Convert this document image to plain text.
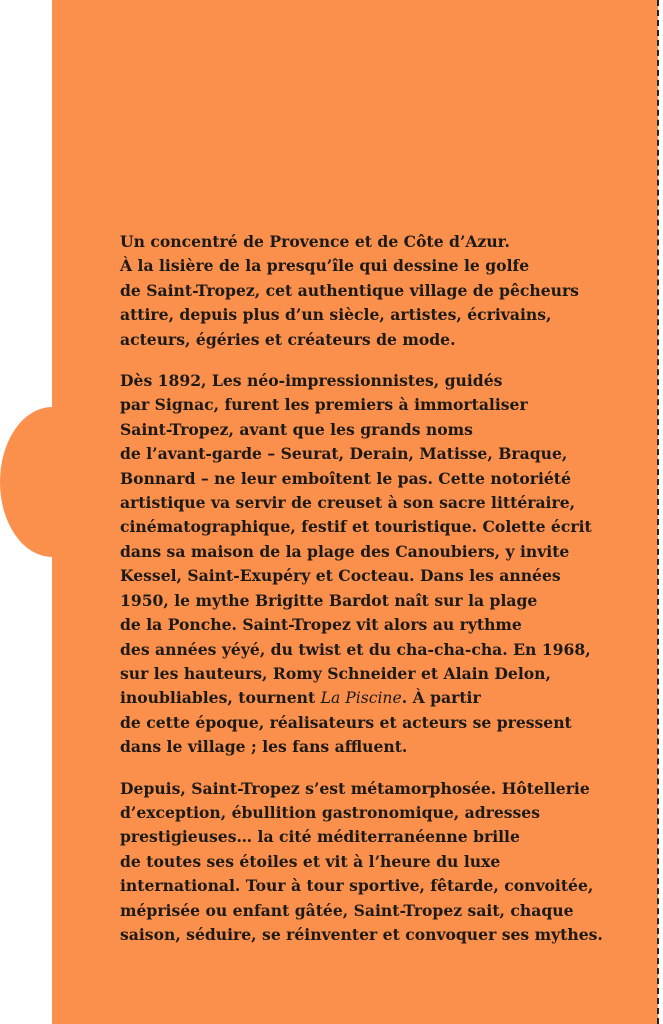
Un concentré de Provence et de Côte d’Azur.
À la lisière de la presqu’île qui dessine le golfe
de Saint-Tropez, cet authentique village de pêcheurs
attire, depuis plus d’un siècle, artistes, écrivains,
acteurs, égéries et créateurs de mode.

Dès 1892, Les néo-impressionnistes, guidés
par Signac, furent les premiers à immortaliser
Saint-Tropez, avant que les grands noms
de l’avant-garde – Seurat, Derain, Matisse, Braque,
Bonnard – ne leur emboîtent le pas. Cette notoriété
artistique va servir de creuset à son sacre littéraire,
cinématographique, festif et touristique. Colette écrit
dans sa maison de la plage des Canoubiers, y invite
Kessel, Saint-Exupéry et Cocteau. Dans les années
1950, le mythe Brigitte Bardot naît sur la plage
de la Ponche. Saint-Tropez vit alors au rythme
des années yéyé, du twist et du cha-cha-cha. En 1968,
sur les hauteurs, Romy Schneider et Alain Delon,
inoubliables, tournent La Piscine. À partir
de cette époque, réalisateurs et acteurs se pressent
dans le village ; les fans affluent.

Depuis, Saint-Tropez s’est métamorphosée. Hôtellerie
d’exception, ébullition gastronomique, adresses
prestigieuses… la cité méditerranéenne brille
de toutes ses étoiles et vit à l’heure du luxe
international. Tour à tour sportive, fêtarde, convoitée,
méprisée ou enfant gâtée, Saint-Tropez sait, chaque
saison, séduire, se réinventer et convoquer ses mythes.
